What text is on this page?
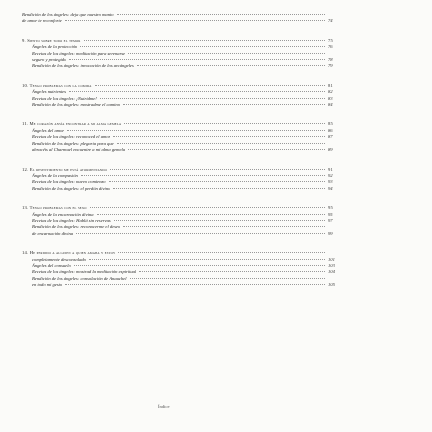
Bendición de los ángeles: deja que nuestro manto
de amor te reconforte	74
9. Siento sobre todo el temor	75
Ángeles de la protección	76
Recetas de los ángeles: meditación para serenarse
seguro y protegido	78
Bendición de los ángeles: invocación de los arcángeles	79
10. Tengo problemas con la comida	81
Ángeles nutrientes	82
Recetas de los ángeles: ¡Nutridme!	83
Bendición de los ángeles: mostradme el camino	84
11. Me corazón ansía encontrar a mi alma gemela	85
Ángeles del amor	86
Recetas de los ángeles: reconoced el amor	87
Bendición de los ángeles: plegaria para que
abracéis al Charmuel encuentre a mi alma gemela	89
12. El resentimiento me está atormentando	91
Ángeles de la compasión	92
Recetas de los ángeles: nuevo comienzo	93
Bendición de los ángeles: el perdón divino	94
13. Tengo problemas con el sexo	95
Ángeles de la encarnación divina	95
Recetas de los ángeles: Hablá sin reservas	97
Bendición de los ángeles: reconocerme el deseo
de encarnación divina	99
14. He perdido a alguien a quien amaba y estoy
completamente desconsolado	101
Ángeles del consuelo	103
Recetas de los ángeles: mostrad la meditación espiritual	104
Bendición de los ángeles: consolación de Anauchel
en todo mi gesto	105
Índice
